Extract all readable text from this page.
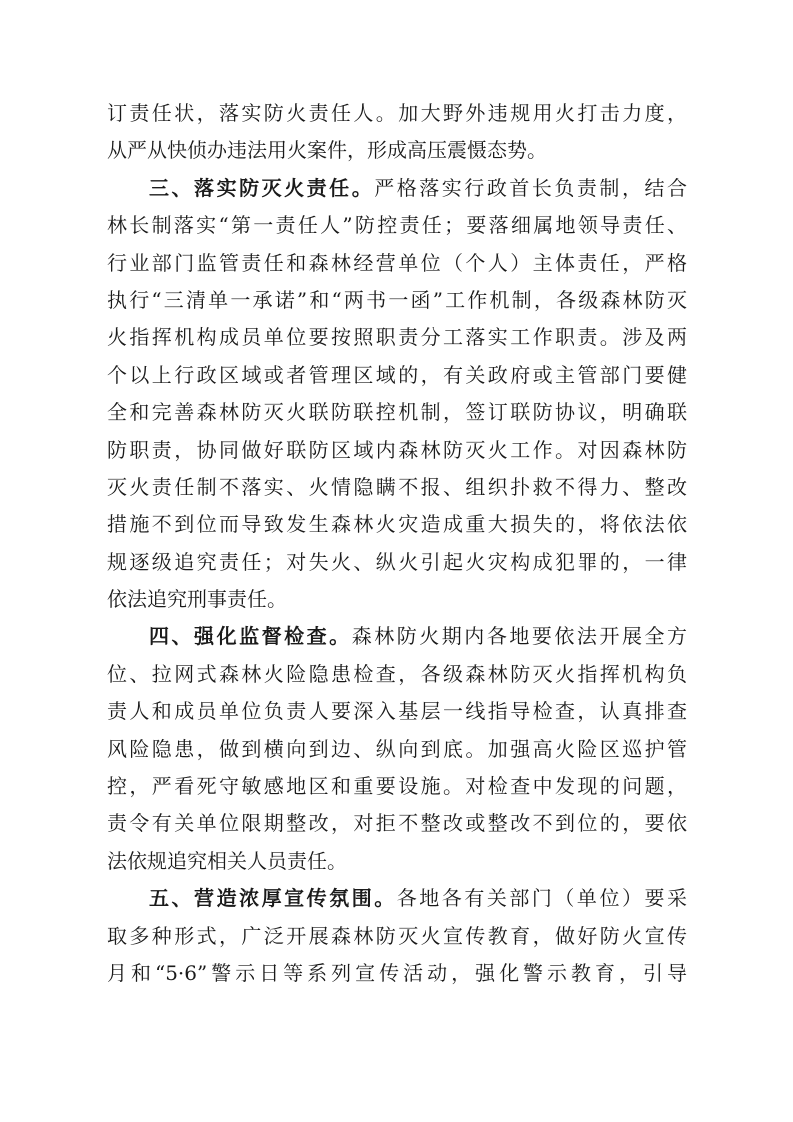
订责任状，落实防火责任人。加大野外违规用火打击力度，
从严从快侦办违法用火案件，形成高压震慑态势。
三、落实防灭火责任。严格落实行政首长负责制，结合
林长制落实“第一责任人”防控责任；要落细属地领导责任、
行业部门监管责任和森林经营单位（个人）主体责任，严格
执行“三清单一承诺”和“两书一函”工作机制，各级森林防灭
火指挥机构成员单位要按照职责分工落实工作职责。涉及两
个以上行政区域或者管理区域的，有关政府或主管部门要健
全和完善森林防灭火联防联控机制，签订联防协议，明确联
防职责，协同做好联防区域内森林防灭火工作。对因森林防
灭火责任制不落实、火情隐瞒不报、组织扑救不得力、整改
措施不到位而导致发生森林火灾造成重大损失的，将依法依
规逐级追究责任；对失火、纵火引起火灾构成犯罪的，一律
依法追究刑事责任。
四、强化监督检查。森林防火期内各地要依法开展全方
位、拉网式森林火险隐患检查，各级森林防灭火指挥机构负
责人和成员单位负责人要深入基层一线指导检查，认真排查
风险隐患，做到横向到边、纵向到底。加强高火险区巡护管
控，严看死守敏感地区和重要设施。对检查中发现的问题，
责令有关单位限期整改，对拒不整改或整改不到位的，要依
法依规追究相关人员责任。
五、营造浓厚宣传氛围。各地各有关部门（单位）要采
取多种形式，广泛开展森林防灭火宣传教育，做好防火宣传
月和“5·6”警示日等系列宣传活动，强化警示教育，引导
